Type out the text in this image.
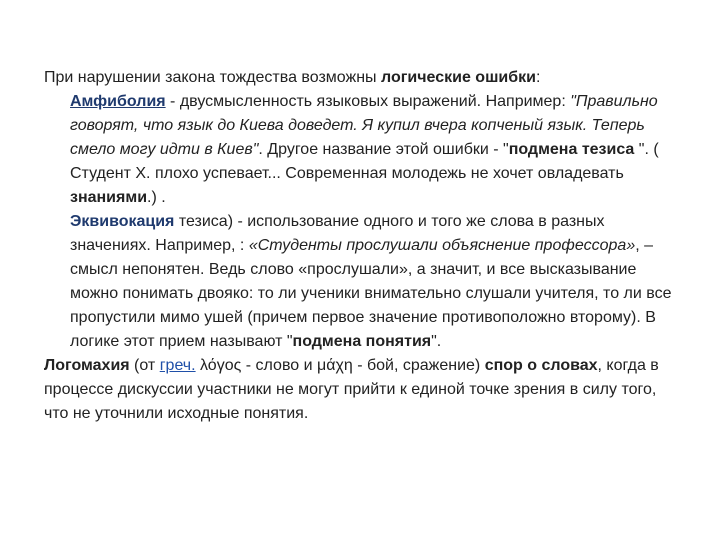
При нарушении закона тождества возможны логические ошибки:

Амфиболия - двусмысленность языковых выражений. Например: "Правильно говорят, что язык до Киева доведет. Я купил вчера копченый язык. Теперь смело могу идти в Киев". Другое название этой ошибки - "подмена тезиса ". ( Студент Х. плохо успевает... Современная молодежь не хочет овладевать знаниями.) .

Эквивокация тезиса) - использование одного и того же слова в разных значениях. Например, : «Студенты прослушали объяснение профессора», –смысл непонятен. Ведь слово «прослушали», а значит, и все высказывание можно понимать двояко: то ли ученики внимательно слушали учителя, то ли все пропустили мимо ушей (причем первое значение противоположно второму). В логике этот прием называют "подмена понятия".

Логомахия (от греч. λόγος - слово и μάχη - бой, сражение) спор о словах, когда в процессе дискуссии участники не могут прийти к единой точке зрения в силу того, что не уточнили исходные понятия.
